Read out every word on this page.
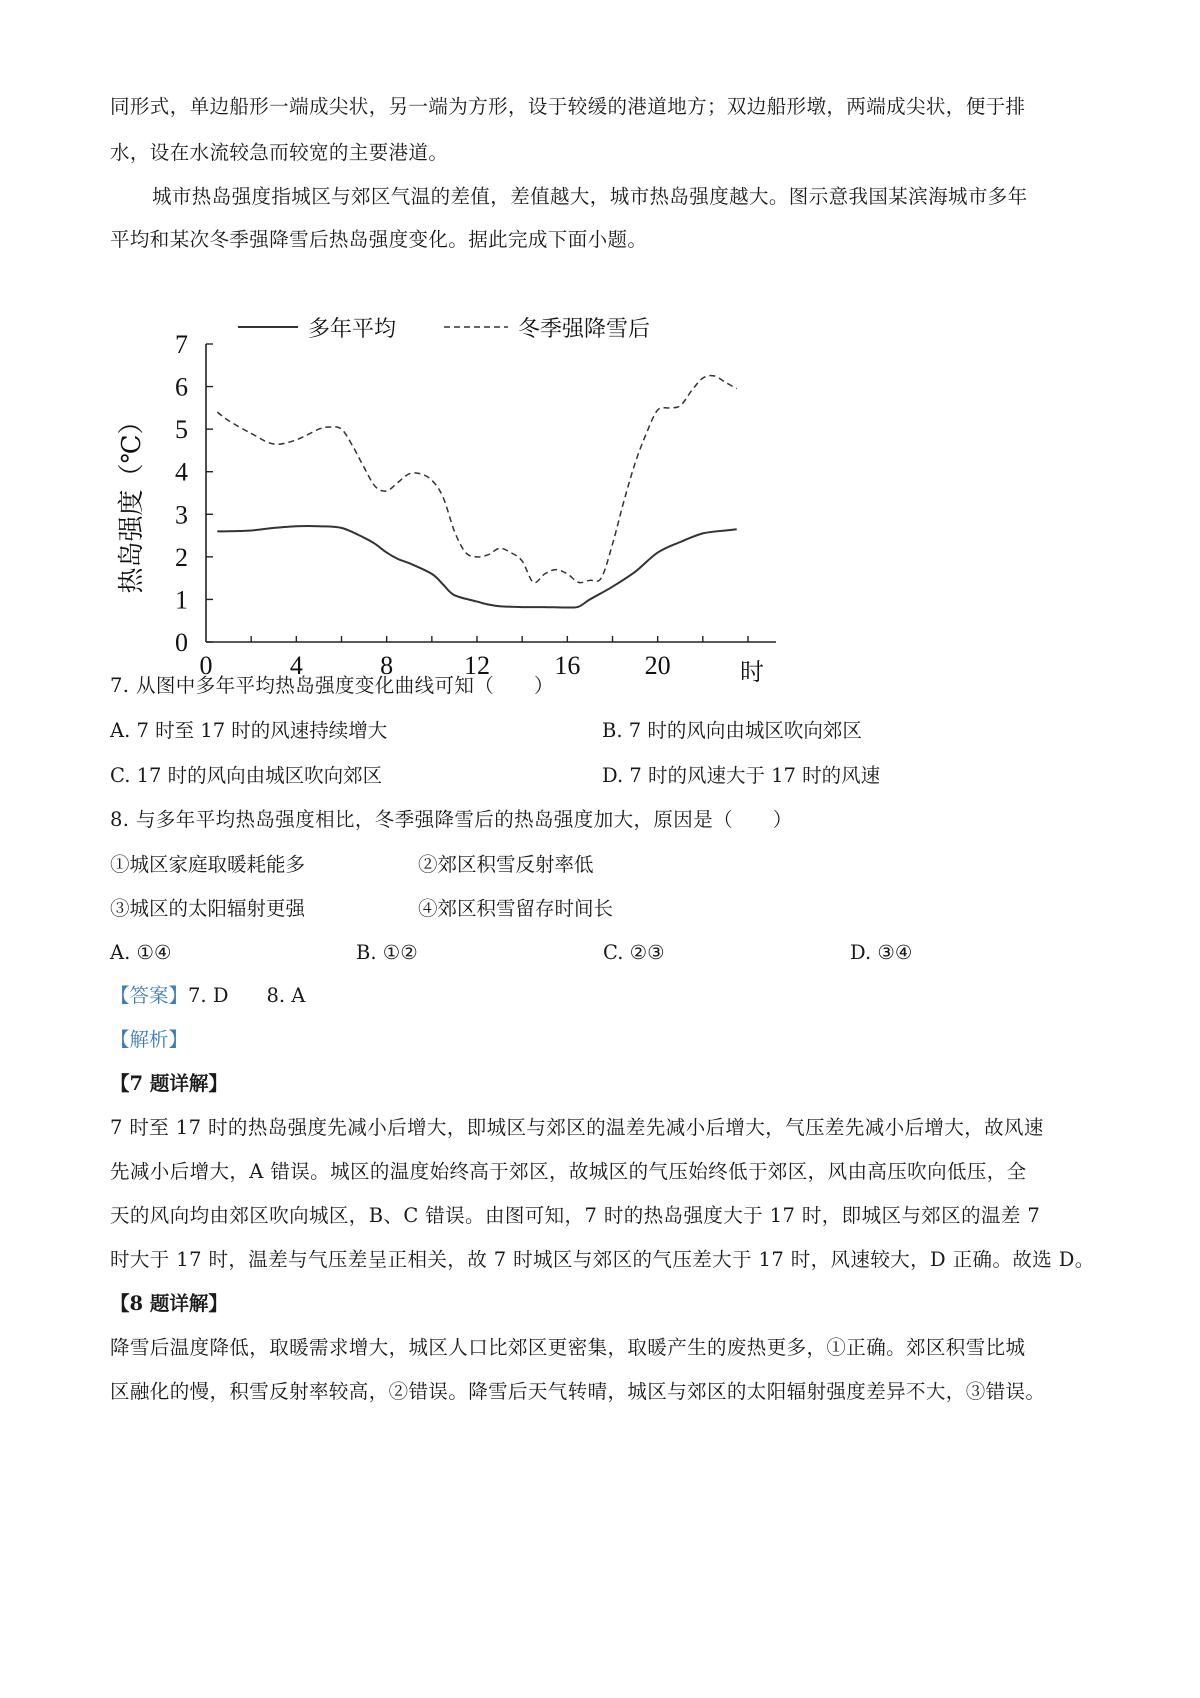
同形式，单边船形一端成尖状，另一端为方形，设于较缓的港道地方；双边船形墩，两端成尖状，便于排
水，设在水流较急而较宽的主要港道。
城市热岛强度指城区与郊区气温的差值，差值越大，城市热岛强度越大。图示意我国某滨海城市多年
平均和某次冬季强降雪后热岛强度变化。据此完成下面小题。
0
1
2
3
4
5
6
7
0	4	8	12 16 20	时
热岛强度（℃）
多年平均	冬季强降雪后
7. 从图中多年平均热岛强度变化曲线可知（　　）
A. 7 时至 17 时的风速持续增大	B. 7 时的风向由城区吹向郊区
C. 17 时的风向由城区吹向郊区	D. 7 时的风速大于 17 时的风速
8. 与多年平均热岛强度相比，冬季强降雪后的热岛强度加大，原因是（　　）
①城区家庭取暖耗能多	②郊区积雪反射率低
③城区的太阳辐射更强	④郊区积雪留存时间长
A. ①④	B. ①②	C. ②③	D. ③④
【答案】7. D 8. A
【解析】
【7 题详解】
7 时至 17 时的热岛强度先减小后增大，即城区与郊区的温差先减小后增大，气压差先减小后增大，故风速
先减小后增大，A 错误。城区的温度始终高于郊区，故城区的气压始终低于郊区，风由高压吹向低压，全
天的风向均由郊区吹向城区，B、C 错误。由图可知，7 时的热岛强度大于 17 时，即城区与郊区的温差 7
时大于 17 时，温差与气压差呈正相关，故 7 时城区与郊区的气压差大于 17 时，风速较大，D 正确。故选 D。
【8 题详解】
降雪后温度降低，取暖需求增大，城区人口比郊区更密集，取暖产生的废热更多，①正确。郊区积雪比城
区融化的慢，积雪反射率较高，②错误。降雪后天气转晴，城区与郊区的太阳辐射强度差异不大，③错误。
